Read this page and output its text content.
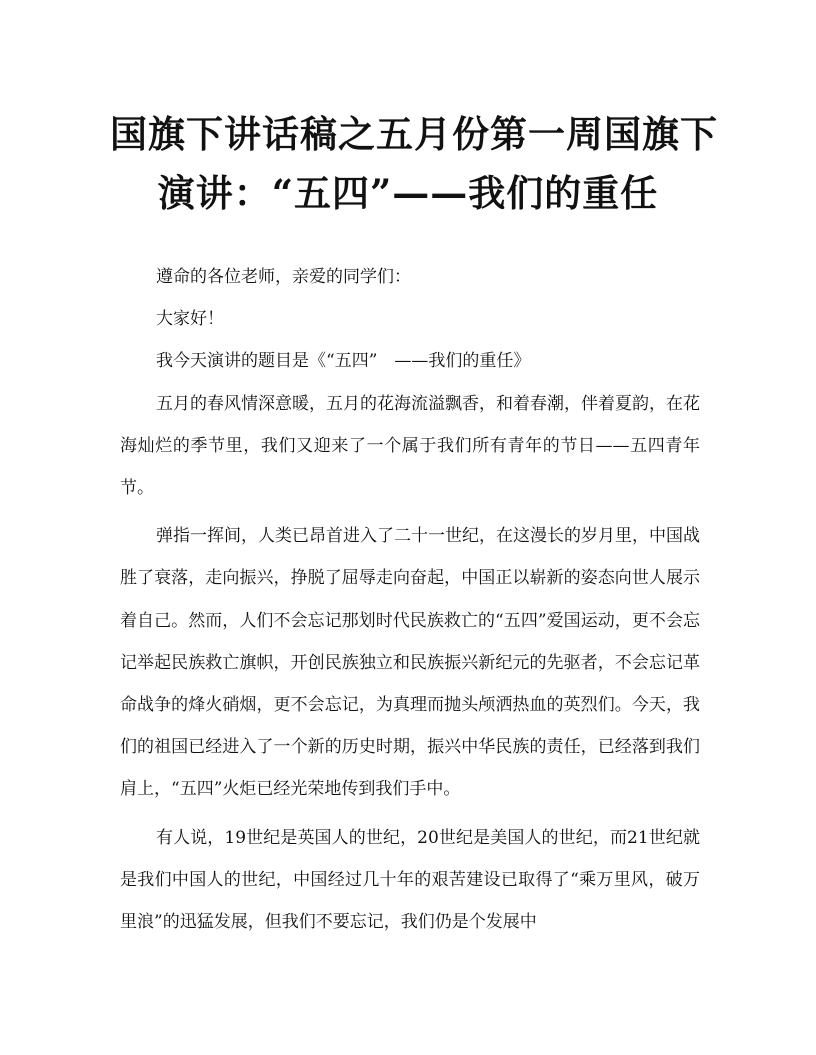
国旗下讲话稿之五月份第一周国旗下
演讲：“五四”——我们的重任

遵命的各位老师，亲爱的同学们：

大家好！

我今天演讲的题目是《“五四”　——我们的重任》

五月的春风情深意暖，五月的花海流溢飘香，和着春潮，伴着夏韵，在花海灿烂的季节里，我们又迎来了一个属于我们所有青年的节日——五四青年节。

弹指一挥间，人类已昂首进入了二十一世纪，在这漫长的岁月里，中国战胜了衰落，走向振兴，挣脱了屈辱走向奋起，中国正以崭新的姿态向世人展示着自己。然而，人们不会忘记那划时代民族救亡的“五四”爱国运动，更不会忘记举起民族救亡旗帜，开创民族独立和民族振兴新纪元的先驱者，不会忘记革命战争的烽火硝烟，更不会忘记，为真理而抛头颅洒热血的英烈们。今天，我们的祖国已经进入了一个新的历史时期，振兴中华民族的责任，已经落到我们肩上，“五四”火炬已经光荣地传到我们手中。

有人说，19世纪是英国人的世纪，20世纪是美国人的世纪，而21世纪就是我们中国人的世纪，中国经过几十年的艰苦建设已取得了“乘万里风，破万里浪”的迅猛发展，但我们不要忘记，我们仍是个发展中
